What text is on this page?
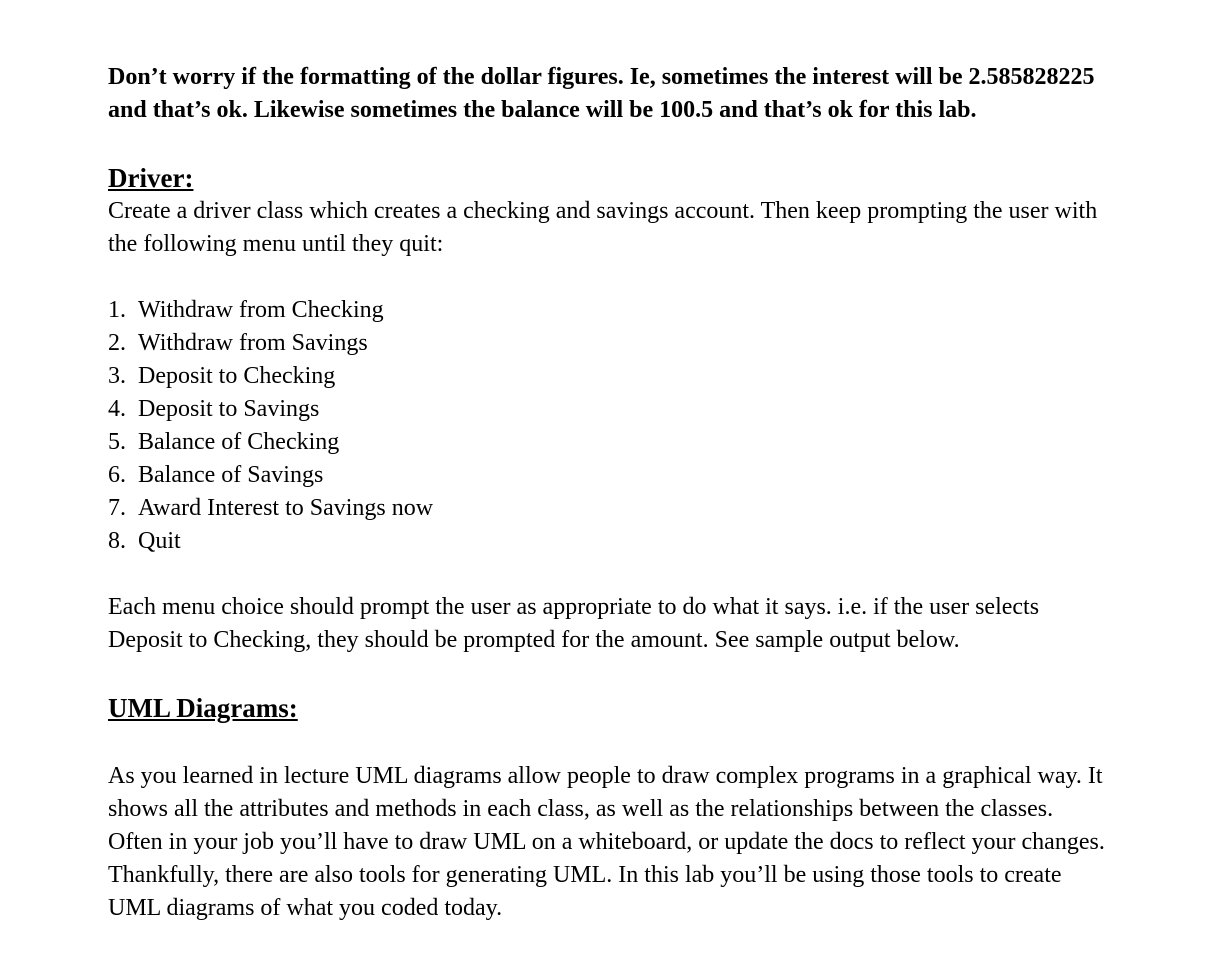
Don’t worry if the formatting of the dollar figures. Ie, sometimes the interest will be 2.585828225
and that’s ok. Likewise sometimes the balance will be 100.5 and that’s ok for this lab.

Driver:

Create a driver class which creates a checking and savings account. Then keep prompting the user with
the following menu until they quit:

1. Withdraw from Checking
2. Withdraw from Savings
3. Deposit to Checking
4. Deposit to Savings
5. Balance of Checking
6. Balance of Savings
7. Award Interest to Savings now
8. Quit

Each menu choice should prompt the user as appropriate to do what it says. i.e. if the user selects
Deposit to Checking, they should be prompted for the amount. See sample output below.

UML Diagrams:

As you learned in lecture UML diagrams allow people to draw complex programs in a graphical way. It
shows all the attributes and methods in each class, as well as the relationships between the classes.
Often in your job you’ll have to draw UML on a whiteboard, or update the docs to reflect your changes.
Thankfully, there are also tools for generating UML. In this lab you’ll be using those tools to create
UML diagrams of what you coded today.
